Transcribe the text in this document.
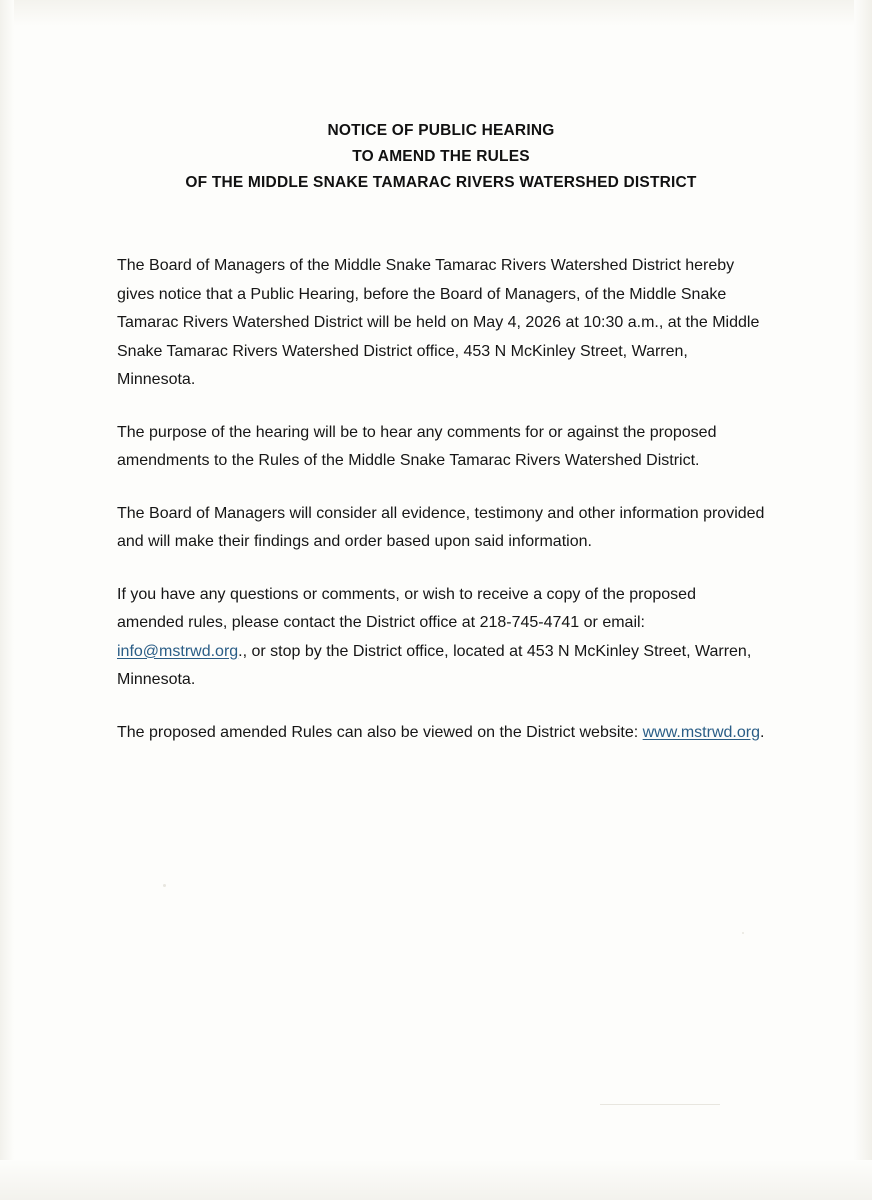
NOTICE OF PUBLIC HEARING
TO AMEND THE RULES
OF THE MIDDLE SNAKE TAMARAC RIVERS WATERSHED DISTRICT

The Board of Managers of the Middle Snake Tamarac Rivers Watershed District hereby gives notice that a Public Hearing, before the Board of Managers, of the Middle Snake Tamarac Rivers Watershed District will be held on May 4, 2026 at 10:30 a.m., at the Middle Snake Tamarac Rivers Watershed District office, 453 N McKinley Street, Warren, Minnesota.

The purpose of the hearing will be to hear any comments for or against the proposed amendments to the Rules of the Middle Snake Tamarac Rivers Watershed District.

The Board of Managers will consider all evidence, testimony and other information provided and will make their findings and order based upon said information.

If you have any questions or comments, or wish to receive a copy of the proposed amended rules, please contact the District office at 218-745-4741 or email: info@mstrwd.org., or stop by the District office, located at 453 N McKinley Street, Warren, Minnesota.

The proposed amended Rules can also be viewed on the District website: www.mstrwd.org.
